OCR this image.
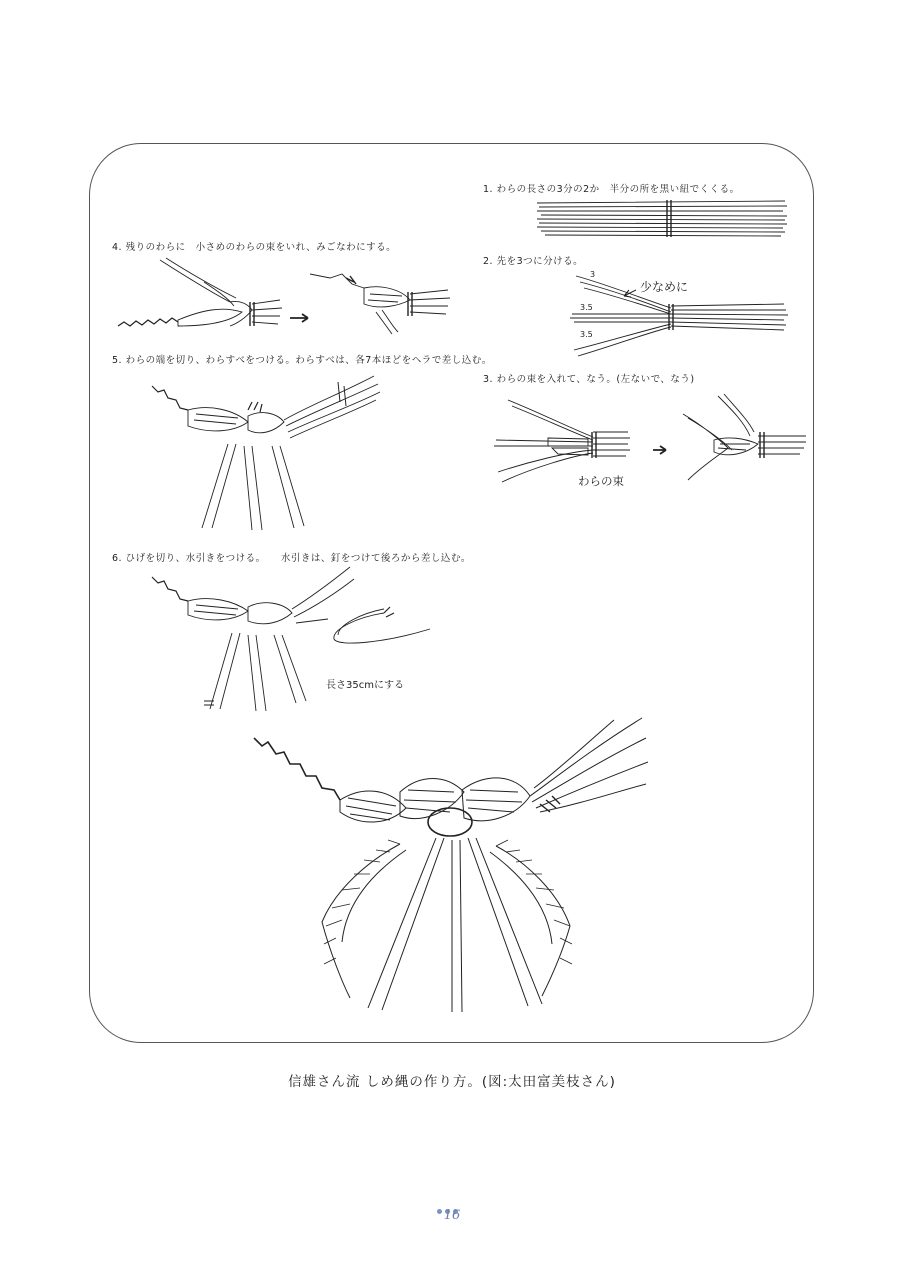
1. わらの長さの3分の2か　半分の所を黒い紐でくくる。
2. 先を3つに分ける。
3. わらの束を入れて、なう。(左ないで、なう)
4. 残りのわらに　小さめのわらの束をいれ、みごなわにする。
5. わらの端を切り、わらすべをつける。わらすべは、各7本ほどをヘラで差し込む。
6. ひげを切り、水引きをつける。　　水引きは、釘をつけて後ろから差し込む。
少なめに
3
3.5
3.5
わらの束
長さ35cmにする
信雄さん流 しめ縄の作り方。(図:太田富美枝さん)
16
